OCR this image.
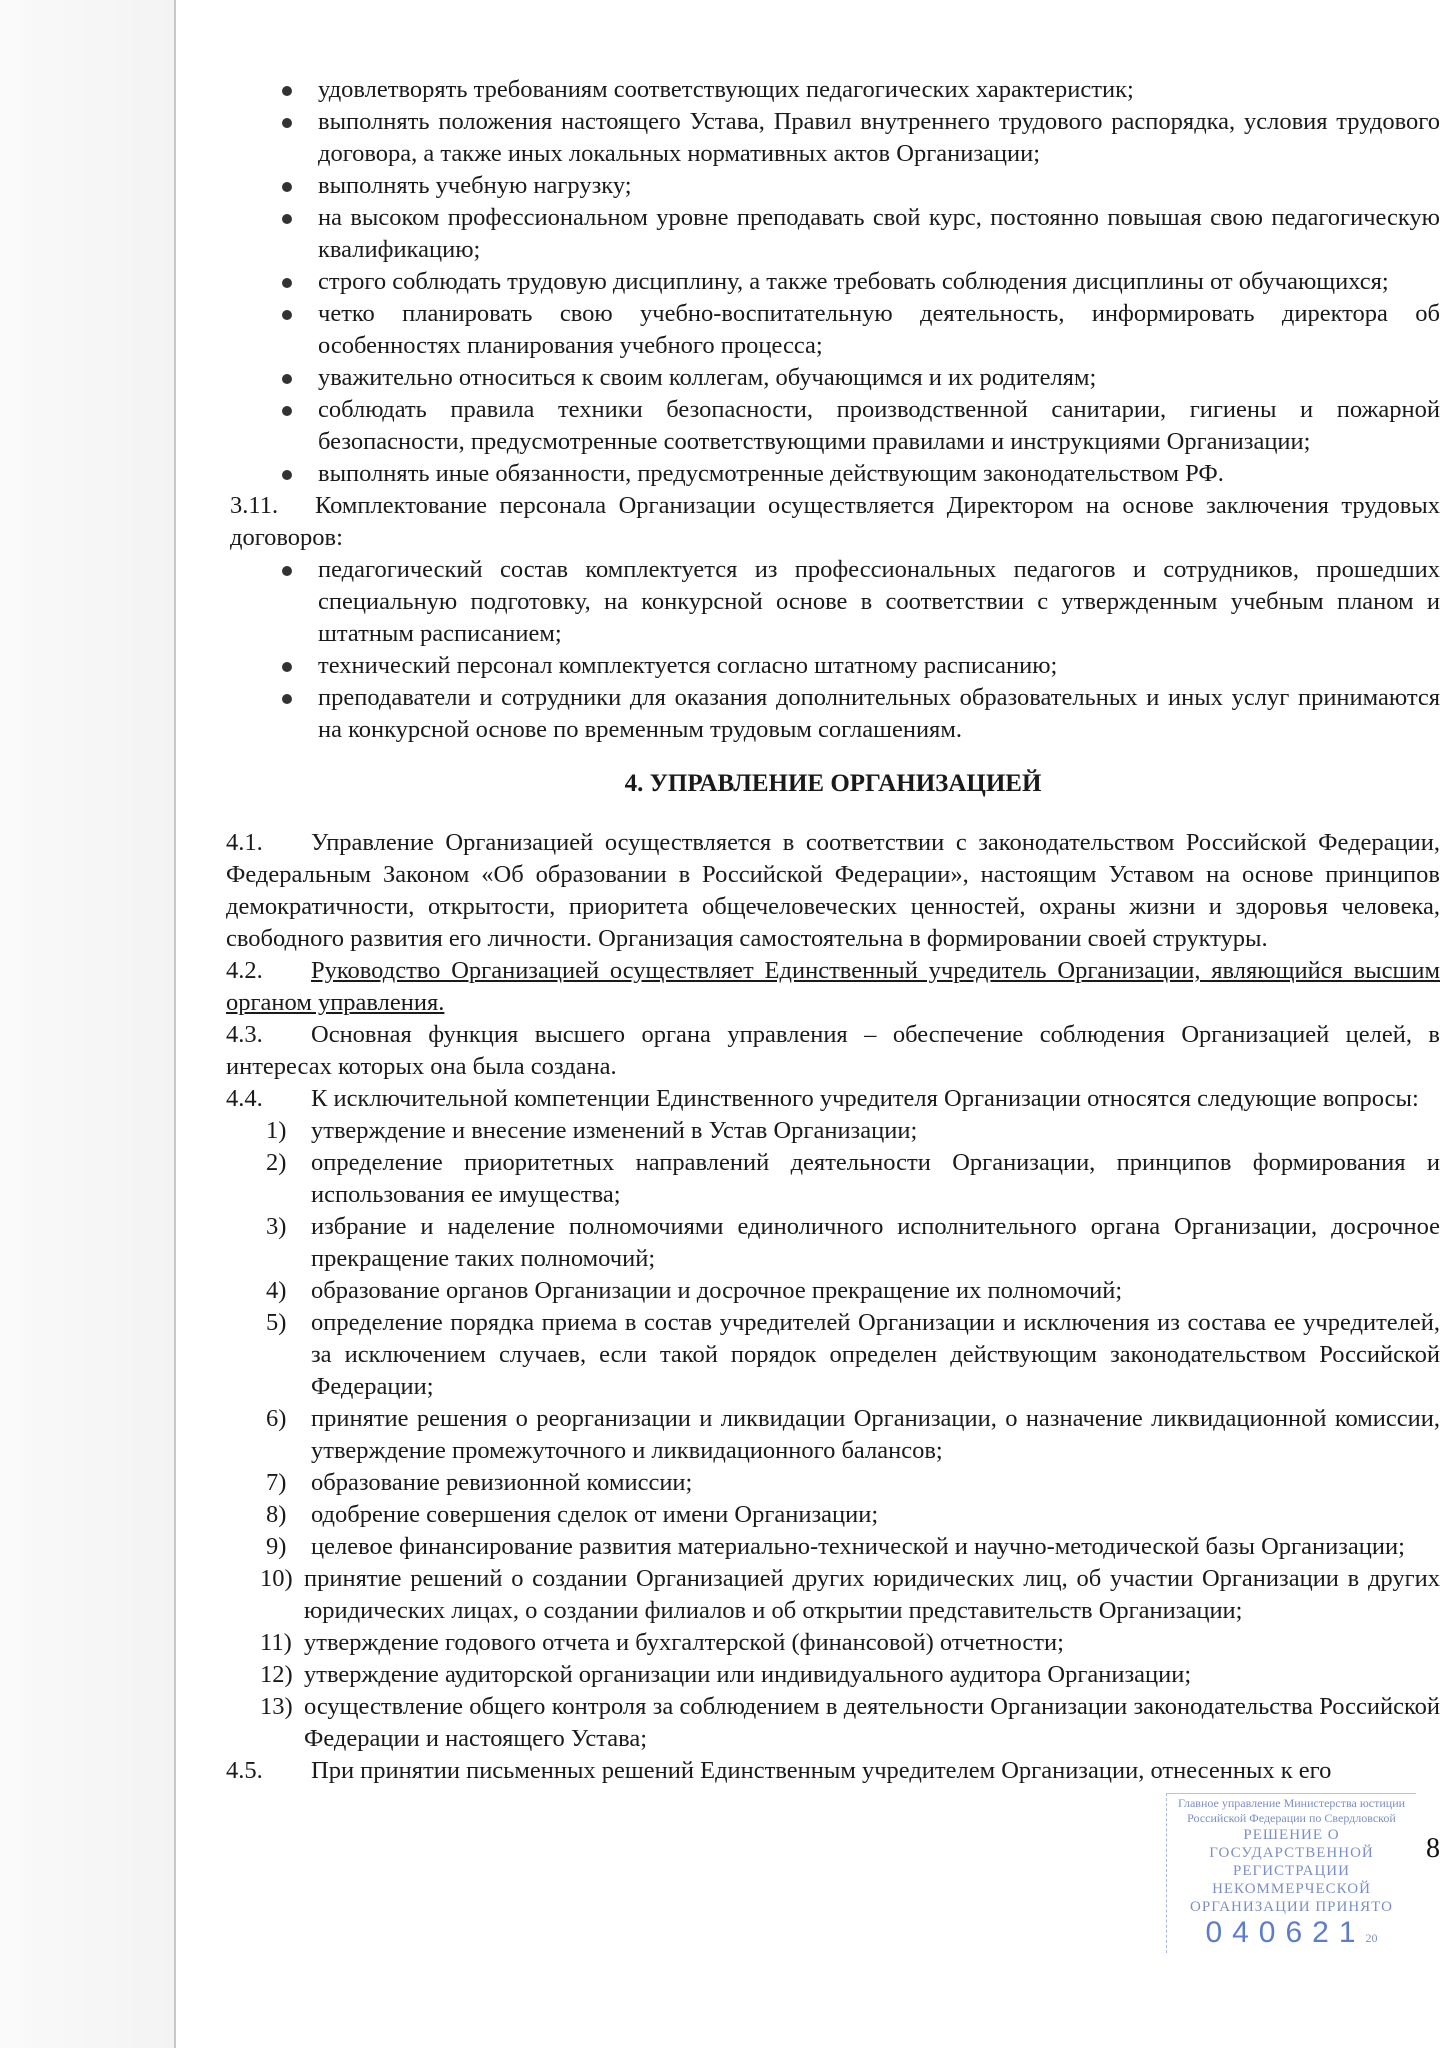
удовлетворять требованиям соответствующих педагогических характеристик;
выполнять положения настоящего Устава, Правил внутреннего трудового распорядка, условия трудового договора, а также иных локальных нормативных актов Организации;
выполнять учебную нагрузку;
на высоком профессиональном уровне преподавать свой курс, постоянно повышая свою педагогическую квалификацию;
строго соблюдать трудовую дисциплину, а также требовать соблюдения дисциплины от обучающихся;
четко планировать свою учебно-воспитательную деятельность, информировать директора об особенностях планирования учебного процесса;
уважительно относиться к своим коллегам, обучающимся и их родителям;
соблюдать правила техники безопасности, производственной санитарии, гигиены и пожарной безопасности, предусмотренные соответствующими правилами и инструкциями Организации;
выполнять иные обязанности, предусмотренные действующим законодательством РФ.

3.11. Комплектование персонала Организации осуществляется Директором на основе заключения трудовых договоров:

педагогический состав комплектуется из профессиональных педагогов и сотрудников, прошедших специальную подготовку, на конкурсной основе в соответствии с утвержденным учебным планом и штатным расписанием;
технический персонал комплектуется согласно штатному расписанию;
преподаватели и сотрудники для оказания дополнительных образовательных и иных услуг принимаются на конкурсной основе по временным трудовым соглашениям.
4. УПРАВЛЕНИЕ ОРГАНИЗАЦИЕЙ

4.1. Управление Организацией осуществляется в соответствии с законодательством Российской Федерации, Федеральным Законом «Об образовании в Российской Федерации», настоящим Уставом на основе принципов демократичности, открытости, приоритета общечеловеческих ценностей, охраны жизни и здоровья человека, свободного развития его личности. Организация самостоятельна в формировании своей структуры.

4.2. Руководство Организацией осуществляет Единственный учредитель Организации, являющийся высшим органом управления.

4.3. Основная функция высшего органа управления – обеспечение соблюдения Организацией целей, в интересах которых она была создана.

4.4. К исключительной компетенции Единственного учредителя Организации относятся следующие вопросы:

1) утверждение и внесение изменений в Устав Организации;
2) определение приоритетных направлений деятельности Организации, принципов формирования и использования ее имущества;
3) избрание и наделение полномочиями единоличного исполнительного органа Организации, досрочное прекращение таких полномочий;
4) образование органов Организации и досрочное прекращение их полномочий;
5) определение порядка приема в состав учредителей Организации и исключения из состава ее учредителей, за исключением случаев, если такой порядок определен действующим законодательством Российской Федерации;
6) принятие решения о реорганизации и ликвидации Организации, о назначение ликвидационной комиссии, утверждение промежуточного и ликвидационного балансов;
7) образование ревизионной комиссии;
8) одобрение совершения сделок от имени Организации;
9) целевое финансирование развития материально-технической и научно-методической базы Организации;
10) принятие решений о создании Организацией других юридических лиц, об участии Организации в других юридических лицах, о создании филиалов и об открытии представительств Организации;
11) утверждение годового отчета и бухгалтерской (финансовой) отчетности;
12) утверждение аудиторской организации или индивидуального аудитора Организации;
13) осуществление общего контроля за соблюдением в деятельности Организации законодательства Российской Федерации и настоящего Устава;

4.5. При принятии письменных решений Единственным учредителем Организации, отнесенных к его

Главное управление Министерства юстиции
Российской Федерации по Свердловской
РЕШЕНИЕ О ГОСУДАРСТВЕННОЙ
РЕГИСТРАЦИИ НЕКОММЕРЧЕСКОЙ
ОРГАНИЗАЦИИ ПРИНЯТО
04062120
8
